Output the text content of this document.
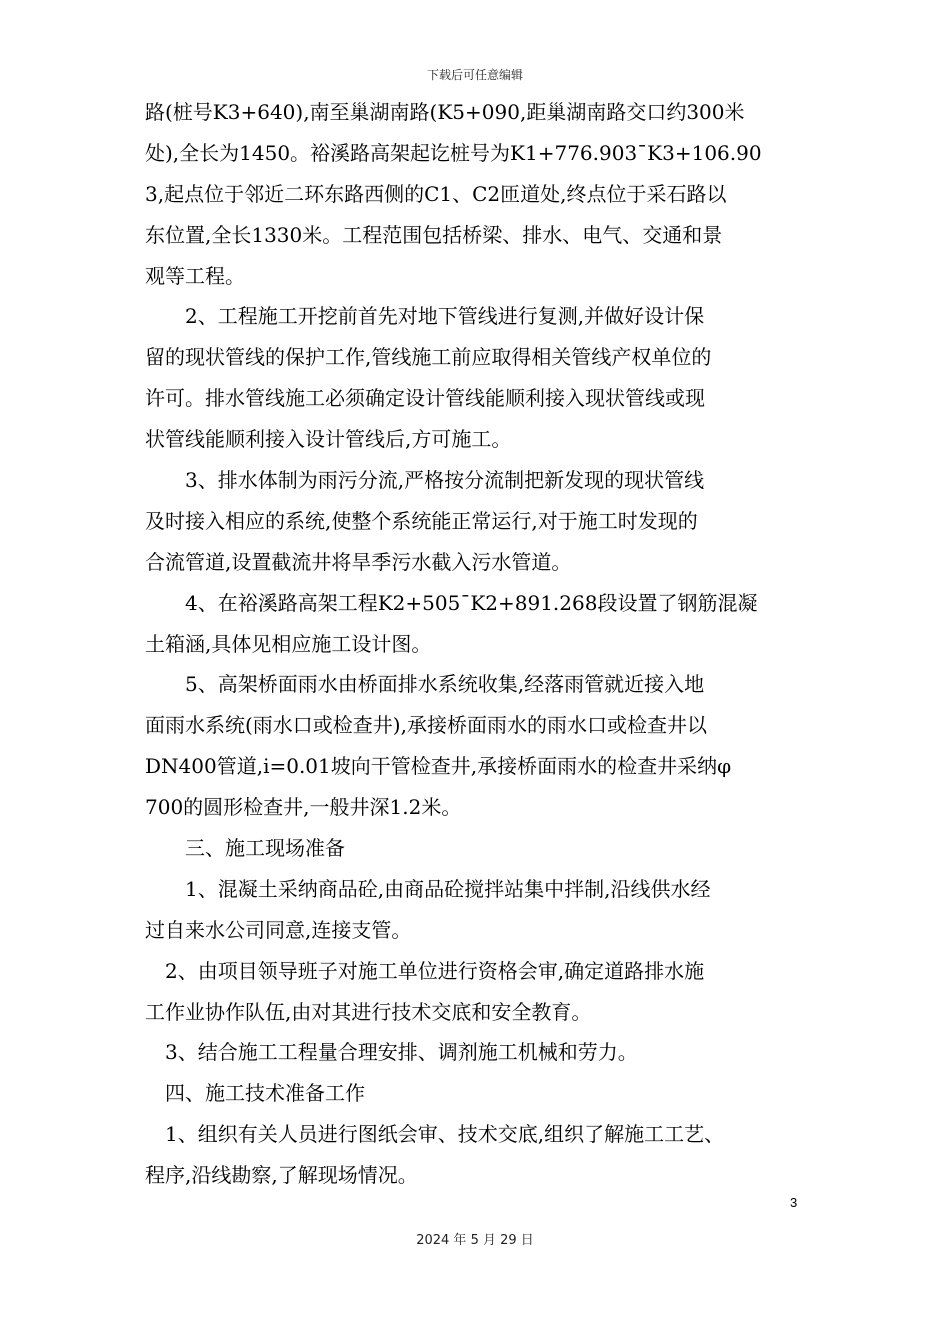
下载后可任意编辑
路(桩号K3+640),南至巢湖南路(K5+090,距巢湖南路交口约300米
处),全长为1450。裕溪路高架起讫桩号为K1+776.903¯K3+106.90
3,起点位于邻近二环东路西侧的C1、C2匝道处,终点位于采石路以
东位置,全长1330米。工程范围包括桥梁、排水、电气、交通和景
观等工程。
　　2、工程施工开挖前首先对地下管线进行复测,并做好设计保
留的现状管线的保护工作,管线施工前应取得相关管线产权单位的
许可。排水管线施工必须确定设计管线能顺利接入现状管线或现
状管线能顺利接入设计管线后,方可施工。
　　3、排水体制为雨污分流,严格按分流制把新发现的现状管线
及时接入相应的系统,使整个系统能正常运行,对于施工时发现的
合流管道,设置截流井将旱季污水截入污水管道。
　　4、在裕溪路高架工程K2+505¯K2+891.268段设置了钢筋混凝
土箱涵,具体见相应施工设计图。
　　5、高架桥面雨水由桥面排水系统收集,经落雨管就近接入地
面雨水系统(雨水口或检查井),承接桥面雨水的雨水口或检查井以
DN400管道,i=0.01坡向干管检查井,承接桥面雨水的检查井采纳φ
700的圆形检查井,一般井深1.2米。
　　三、施工现场准备
　　1、混凝土采纳商品砼,由商品砼搅拌站集中拌制,沿线供水经
过自来水公司同意,连接支管。
　2、由项目领导班子对施工单位进行资格会审,确定道路排水施
工作业协作队伍,由对其进行技术交底和安全教育。
　3、结合施工工程量合理安排、调剂施工机械和劳力。
　四、施工技术准备工作
　1、组织有关人员进行图纸会审、技术交底,组织了解施工工艺、
程序,沿线勘察,了解现场情况。
3
2024 年 5 月 29 日
